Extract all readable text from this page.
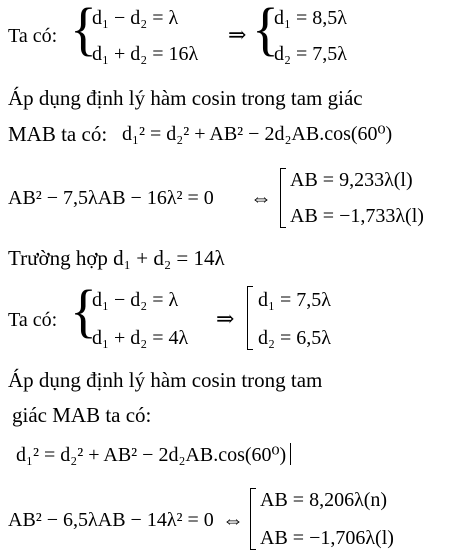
Ta có: {
d₁ − d₂ = λ
d₁ + d₂ = 16λ
⇒ {
d₁ = 8,5λ
d₂ = 7,5λ
Áp dụng định lý hàm cosin trong tam giác
MAB ta có: d₁² = d₂² + AB² − 2d₂AB.cos(60⁰)
AB² − 7,5λAB − 16λ² = 0 ⇔
AB = 9,233λ(l)
AB = −1,733λ(l)
Trường hợp d₁ + d₂ = 14λ
Ta có: {
d₁ − d₂ = λ
d₁ + d₂ = 4λ
⇒
d₁ = 7,5λ
d₂ = 6,5λ
Áp dụng định lý hàm cosin trong tam
giác MAB ta có:
d₁² = d₂² + AB² − 2d₂AB.cos(60⁰)
AB² − 6,5λAB − 14λ² = 0 ⇔
AB = 8,206λ(n)
AB = −1,706λ(l)
